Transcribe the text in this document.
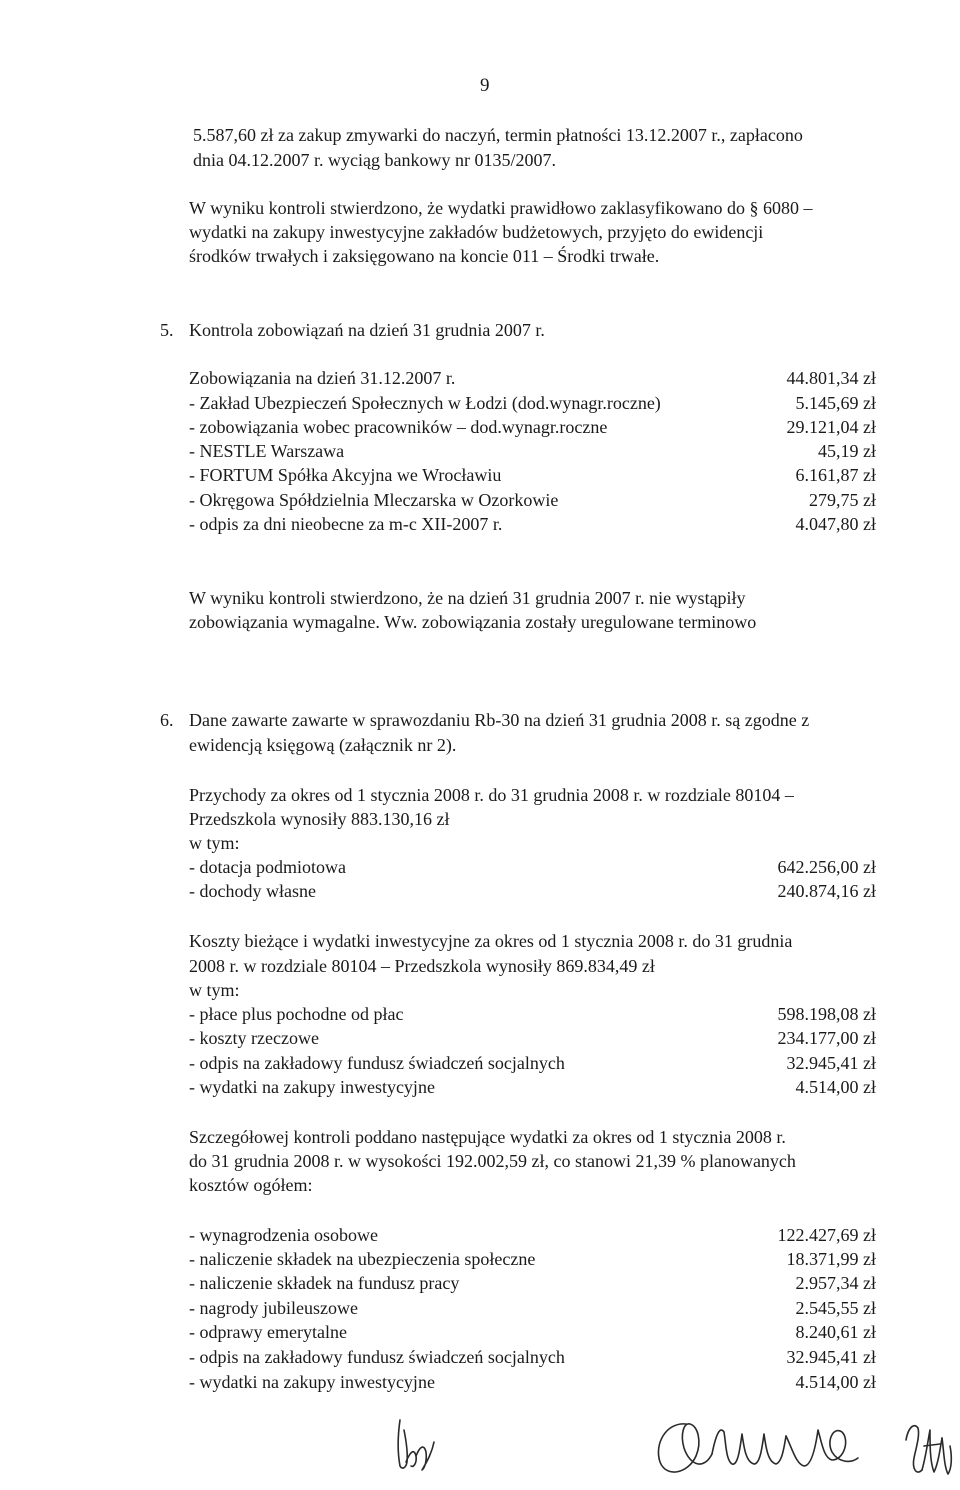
9
5.587,60 zł za zakup zmywarki do naczyń, termin płatności 13.12.2007 r., zapłacono
dnia 04.12.2007 r. wyciąg bankowy nr 0135/2007.
W wyniku kontroli stwierdzono, że wydatki prawidłowo zaklasyfikowano do § 6080 –
wydatki na zakupy inwestycyjne zakładów budżetowych, przyjęto do ewidencji
środków trwałych i zaksięgowano na koncie 011 – Środki trwałe.
5. Kontrola zobowiązań na dzień 31 grudnia 2007 r.
Zobowiązania na dzień 31.12.2007 r.	44.801,34 zł
- Zakład Ubezpieczeń Społecznych w Łodzi (dod.wynagr.roczne)	5.145,69 zł
- zobowiązania wobec pracowników – dod.wynagr.roczne	29.121,04 zł
- NESTLE Warszawa	45,19 zł
- FORTUM Spółka Akcyjna we Wrocławiu	6.161,87 zł
- Okręgowa Spółdzielnia Mleczarska w Ozorkowie	279,75 zł
- odpis za dni nieobecne za m-c XII-2007 r.	4.047,80 zł
W wyniku kontroli stwierdzono, że na dzień 31 grudnia 2007 r. nie wystąpiły
zobowiązania wymagalne. Ww. zobowiązania zostały uregulowane terminowo
6. Dane zawarte zawarte w sprawozdaniu Rb-30 na dzień 31 grudnia 2008 r. są zgodne z
ewidencją księgową (załącznik nr 2).
Przychody za okres od 1 stycznia 2008 r. do 31 grudnia 2008 r. w rozdziale 80104 –
Przedszkola wynosiły 883.130,16 zł
w tym:
- dotacja podmiotowa	642.256,00 zł
- dochody własne	240.874,16 zł
Koszty bieżące i wydatki inwestycyjne za okres od 1 stycznia 2008 r. do 31 grudnia
2008 r. w rozdziale 80104 – Przedszkola wynosiły 869.834,49 zł
w tym:
- płace plus pochodne od płac	598.198,08 zł
- koszty rzeczowe	234.177,00 zł
- odpis na zakładowy fundusz świadczeń socjalnych	32.945,41 zł
- wydatki na zakupy inwestycyjne	4.514,00 zł
Szczegółowej kontroli poddano następujące wydatki za okres od 1 stycznia 2008 r.
do 31 grudnia 2008 r. w wysokości 192.002,59 zł, co stanowi 21,39 % planowanych
kosztów ogółem:
- wynagrodzenia osobowe	122.427,69 zł
- naliczenie składek na ubezpieczenia społeczne	18.371,99 zł
- naliczenie składek na fundusz pracy	2.957,34 zł
- nagrody jubileuszowe	2.545,55 zł
- odprawy emerytalne	8.240,61 zł
- odpis na zakładowy fundusz świadczeń socjalnych	32.945,41 zł
- wydatki na zakupy inwestycyjne	4.514,00 zł
